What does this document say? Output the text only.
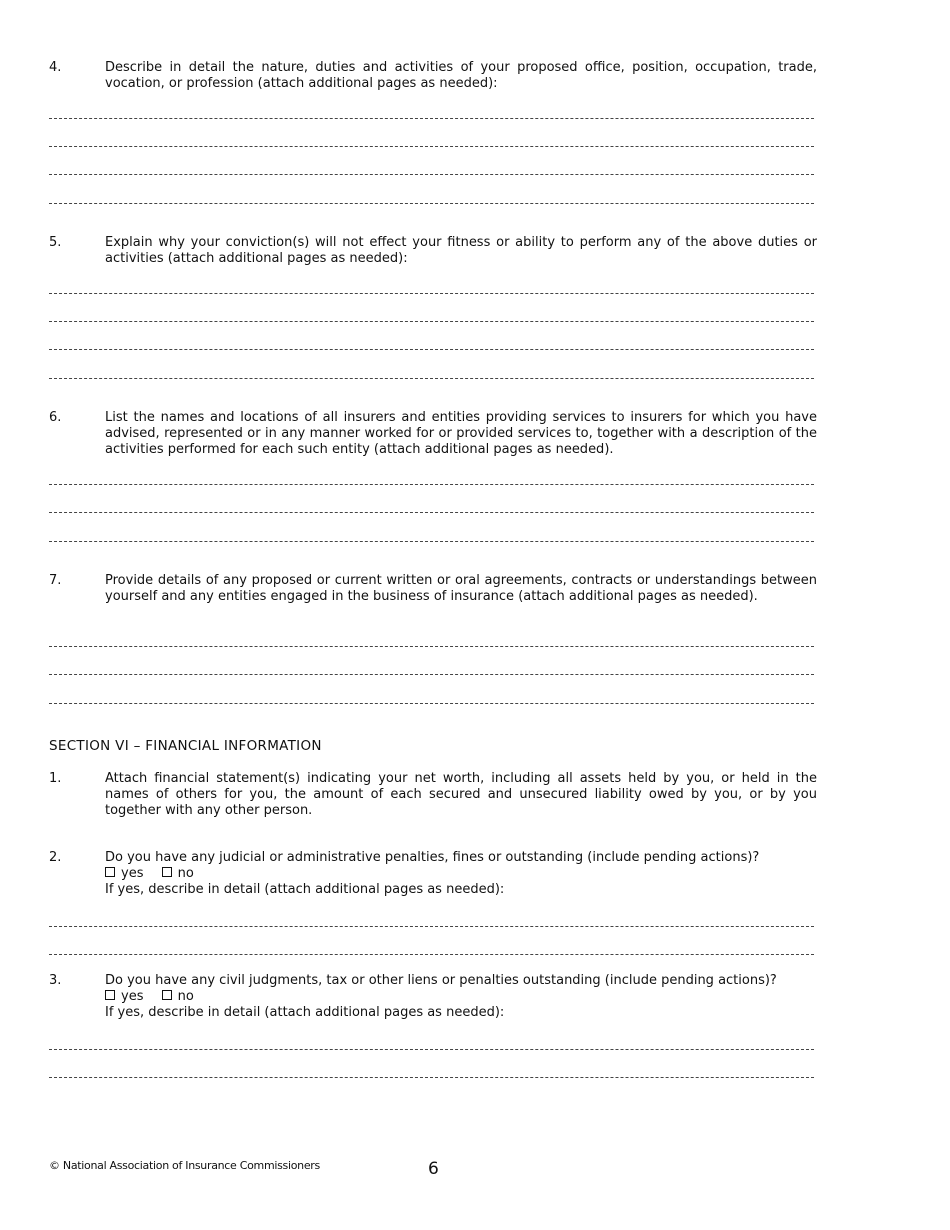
4.	Describe in detail the nature, duties and activities of your proposed office, position, occupation, trade, vocation, or profession (attach additional pages as needed):
5.	Explain why your conviction(s) will not effect your fitness or ability to perform any of the above duties or activities (attach additional pages as needed):
6.	List the names and locations of all insurers and entities providing services to insurers for which you have advised, represented or in any manner worked for or provided services to, together with a description of the activities performed for each such entity (attach additional pages as needed).
7.	Provide details of any proposed or current written or oral agreements, contracts or understandings between yourself and any entities engaged in the business of insurance (attach additional pages as needed).
SECTION VI – FINANCIAL INFORMATION
1.	Attach financial statement(s) indicating your net worth, including all assets held by you, or held in the names of others for you, the amount of each secured and unsecured liability owed by you, or by you together with any other person.
2.	Do you have any judicial or administrative penalties, fines or outstanding (include pending actions)?
yes	no
If yes, describe in detail (attach additional pages as needed):
3.	Do you have any civil judgments, tax or other liens or penalties outstanding (include pending actions)?
yes	no
If yes, describe in detail (attach additional pages as needed):
© National Association of Insurance Commissioners	6
